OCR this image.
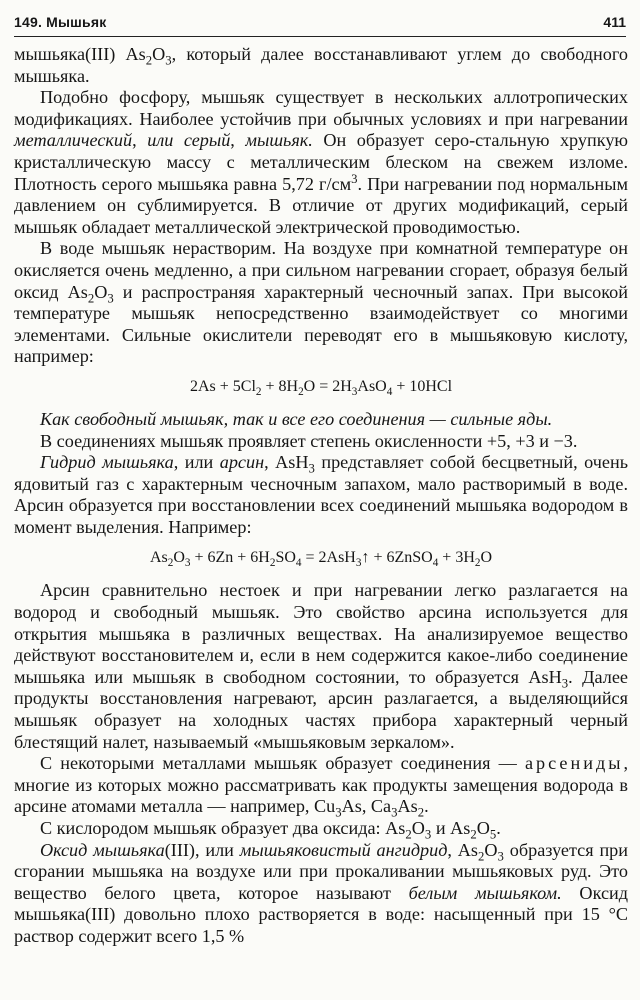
149. Мышьяк	411

мышьяка(III) $As_2O_3$, который далее восстанавливают углем до свободного мышьяка.

Подобно фосфору, мышьяк существует в нескольких аллотропических модификациях. Наиболее устойчив при обычных условиях и при нагревании металлический, или серый, мышьяк. Он образует серо-стальную хрупкую кристаллическую массу с металлическим блеском на свежем изломе. Плотность серого мышьяка равна 5,72 $г/см^3$. При нагревании под нормальным давлением он сублимируется. В отличие от других модификаций, серый мышьяк обладает металлической электрической проводимостью.

В воде мышьяк нерастворим. На воздухе при комнатной температуре он окисляется очень медленно, а при сильном нагревании сгорает, образуя белый оксид $As_2O_3$ и распространяя характерный чесночный запах. При высокой температуре мышьяк непосредственно взаимодействует со многими элементами. Сильные окислители переводят его в мышьяковую кислоту, например:

$2As + 5Cl_2 + 8H_2O = 2H_3AsO_4 + 10HCl$

Как свободный мышьяк, так и все его соединения — сильные яды.

В соединениях мышьяк проявляет степень окисленности +5, +3 и −3.

Гидрид мышьяка, или арсин, AsH$_3$ представляет собой бесцветный, очень ядовитый газ с характерным чесночным запахом, мало растворимый в воде. Арсин образуется при восстановлении всех соединений мышьяка водородом в момент выделения. Например:

$As_2O_3 + 6Zn + 6H_2SO_4$ = 2AsH$_3$↑ + 6ZnSO$_4$ + $3H_2O$

Арсин сравнительно нестоек и при нагревании легко разлагается на водород и свободный мышьяк. Это свойство арсина используется для открытия мышьяка в различных веществах. На анализируемое вещество действуют восстановителем и, если в нем содержится какое-либо соединение мышьяка или мышьяк в свободном состоянии, то образуется AsH$_3$. Далее продукты восстановления нагревают, арсин разлагается, а выделяющийся мышьяк образует на холодных частях прибора характерный черный блестящий налет, называемый «мышьяковым зеркалом».

С некоторыми металлами мышьяк образует соединения — арсениды, многие из которых можно рассматривать как продукты замещения водорода в арсине атомами металла — например, $Cu_3As$, $Ca_3As_2$.

С кислородом мышьяк образует два оксида: $As_2O_3$ и $As_2O_5$.

Оксид мышьяка(III), или мышьяковистый ангидрид, $As_2O_3$ образуется при сгорании мышьяка на воздухе или при прокаливании мышьяковых руд. Это вещество белого цвета, которое называют белым мышьяком. Оксид мышьяка(III) довольно плохо растворяется в воде: насыщенный при 15 °C раствор содержит всего 1,5 %
